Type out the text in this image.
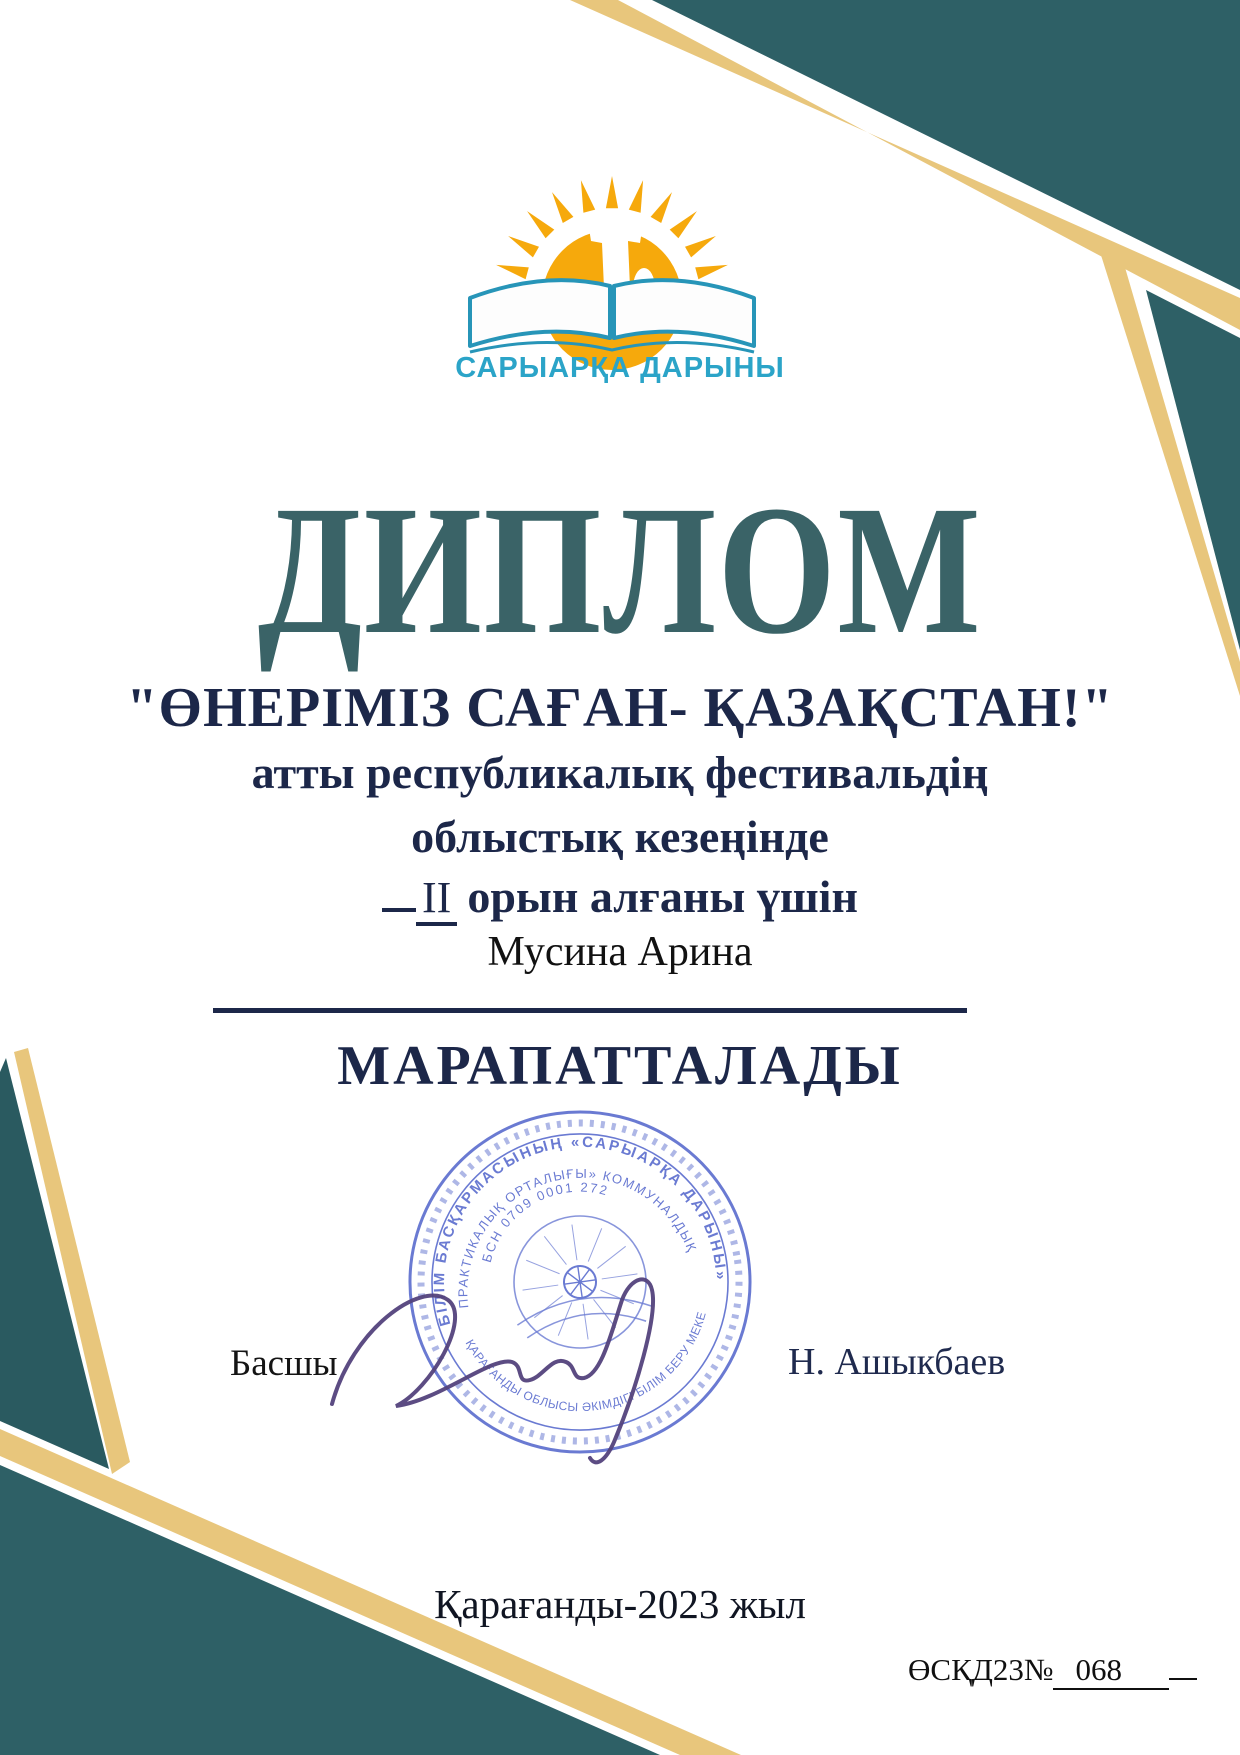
БІЛІМ БАСҚАРМАСЫНЫҢ «САРЫАРҚА ДАРЫНЫ»
ПРАКТИКАЛЫҚ ОРТАЛЫҒЫ» КОММУНАЛДЫҚ
ҚАРАҒАНДЫ ОБЛЫСЫ ӘКІМДІГІ БІЛІМ БЕРУ МЕКЕМЕСІ
БСН 0709 0001 272
САРЫАРҚА ДАРЫНЫ
ДИПЛОМ
"ӨНЕРІМІЗ САҒАН- ҚАЗАҚСТАН!"
атты республикалық фестивальдің
облыстық кезеңінде
II орын алғаны үшін
Мусина Арина
МАРАПАТТАЛАДЫ
Басшы	Н. Ашыкбаев
Қарағанды-2023 жыл
ӨСҚД23№ 068
